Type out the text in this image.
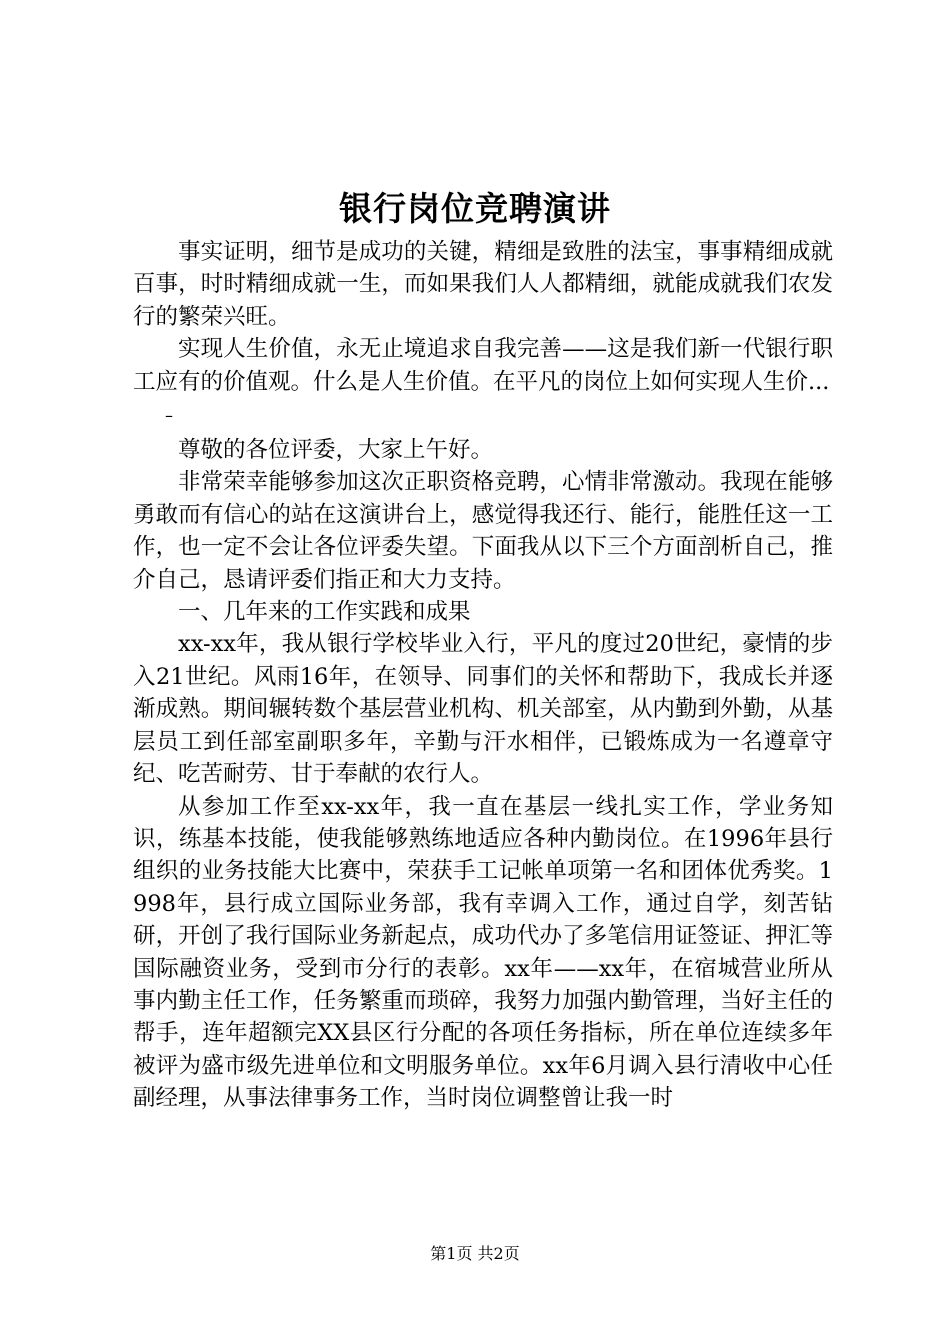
银行岗位竞聘演讲

事实证明，细节是成功的关键，精细是致胜的法宝，事事精细成就百事，时时精细成就一生，而如果我们人人都精细，就能成就我们农发行的繁荣兴旺。

实现人生价值，永无止境追求自我完善——这是我们新一代银行职工应有的价值观。什么是人生价值。在平凡的岗位上如何实现人生价...

–

尊敬的各位评委，大家上午好。

非常荣幸能够参加这次正职资格竞聘，心情非常激动。我现在能够勇敢而有信心的站在这演讲台上，感觉得我还行、能行，能胜任这一工作，也一定不会让各位评委失望。下面我从以下三个方面剖析自己，推介自己，恳请评委们指正和大力支持。

一、几年来的工作实践和成果

xx-xx年，我从银行学校毕业入行，平凡的度过20世纪，豪情的步入21世纪。风雨16年，在领导、同事们的关怀和帮助下，我成长并逐渐成熟。期间辗转数个基层营业机构、机关部室，从内勤到外勤，从基层员工到任部室副职多年，辛勤与汗水相伴，已锻炼成为一名遵章守纪、吃苦耐劳、甘于奉献的农行人。

从参加工作至xx-xx年，我一直在基层一线扎实工作，学业务知识，练基本技能，使我能够熟练地适应各种内勤岗位。在1996年县行组织的业务技能大比赛中，荣获手工记帐单项第一名和团体优秀奖。1998年，县行成立国际业务部，我有幸调入工作，通过自学，刻苦钻研，开创了我行国际业务新起点，成功代办了多笔信用证签证、押汇等国际融资业务，受到市分行的表彰。xx年——xx年，在宿城营业所从事内勤主任工作，任务繁重而琐碎，我努力加强内勤管理，当好主任的帮手，连年超额完XX县区行分配的各项任务指标，所在单位连续多年被评为盛市级先进单位和文明服务单位。xx年6月调入县行清收中心任副经理，从事法律事务工作，当时岗位调整曾让我一时

第1页 共2页
